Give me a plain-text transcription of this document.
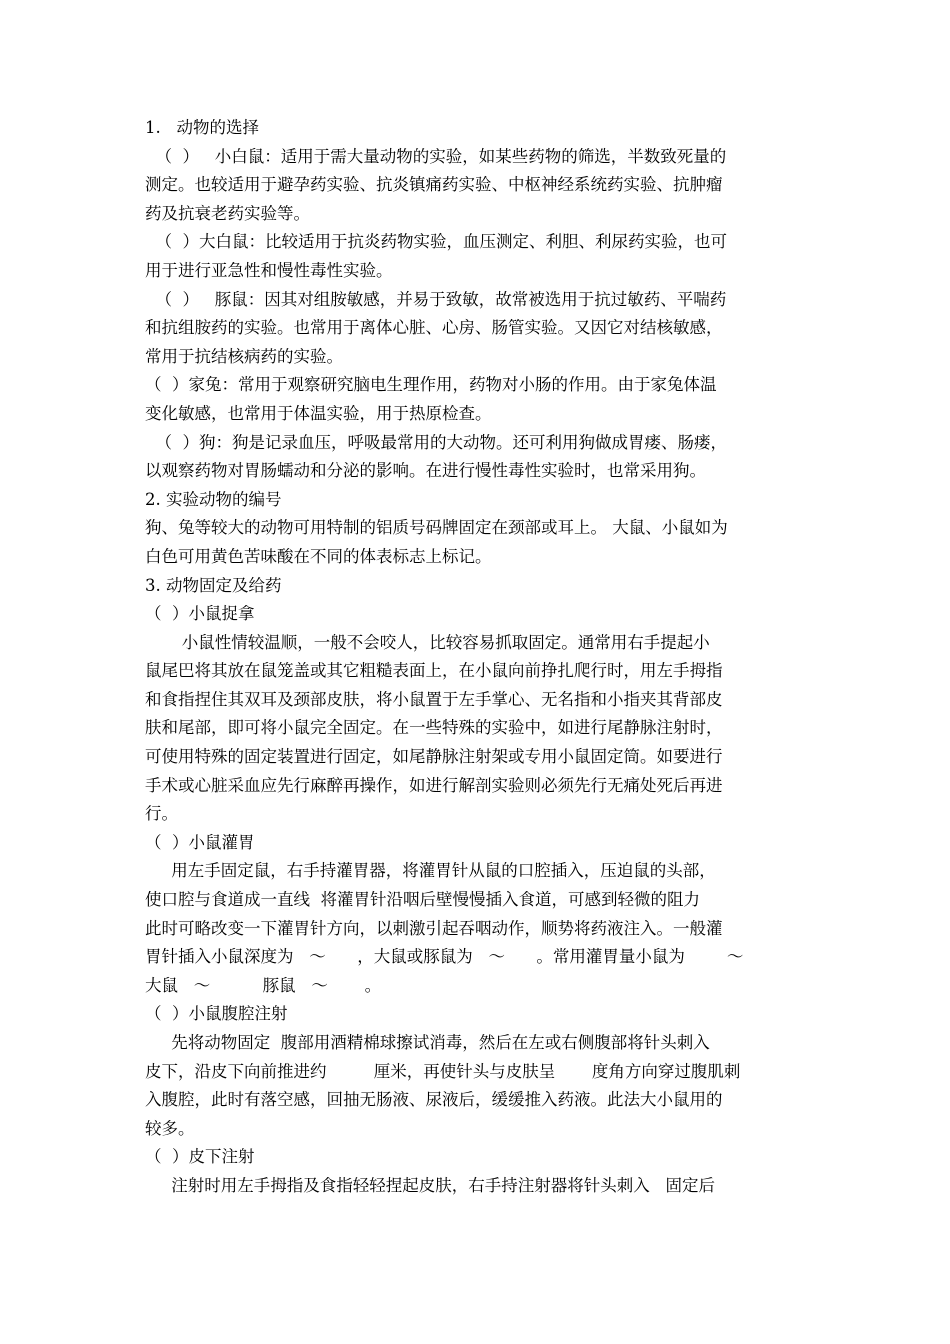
1.   动物的选择
（  ）   小白鼠：适用于需大量动物的实验，如某些药物的筛选，半数致死量的
测定。也较适用于避孕药实验、抗炎镇痛药实验、中枢神经系统药实验、抗肿瘤
药及抗衰老药实验等。
（  ）大白鼠：比较适用于抗炎药物实验，血压测定、利胆、利尿药实验，也可
用于进行亚急性和慢性毒性实验。
（  ）   豚鼠：因其对组胺敏感，并易于致敏，故常被选用于抗过敏药、平喘药
和抗组胺药的实验。也常用于离体心脏、心房、肠管实验。又因它对结核敏感，
常用于抗结核病药的实验。
（  ）家兔：常用于观察研究脑电生理作用，药物对小肠的作用。由于家兔体温
变化敏感，也常用于体温实验，用于热原检查。
（  ）狗：狗是记录血压，呼吸最常用的大动物。还可利用狗做成胃瘘、肠瘘，
以观察药物对胃肠蠕动和分泌的影响。在进行慢性毒性实验时，也常采用狗。
2. 实验动物的编号
狗、兔等较大的动物可用特制的铝质号码牌固定在颈部或耳上。 大鼠、小鼠如为
白色可用黄色苦味酸在不同的体表标志上标记。
3. 动物固定及给药
（  ）小鼠捉拿
小鼠性情较温顺，一般不会咬人，比较容易抓取固定。通常用右手提起小
鼠尾巴将其放在鼠笼盖或其它粗糙表面上，在小鼠向前挣扎爬行时，用左手拇指
和食指捏住其双耳及颈部皮肤，将小鼠置于左手掌心、无名指和小指夹其背部皮
肤和尾部，即可将小鼠完全固定。在一些特殊的实验中，如进行尾静脉注射时，
可使用特殊的固定装置进行固定，如尾静脉注射架或专用小鼠固定筒。如要进行
手术或心脏采血应先行麻醉再操作，如进行解剖实验则必须先行无痛处死后再进
行。
（  ）小鼠灌胃
用左手固定鼠，右手持灌胃器，将灌胃针从鼠的口腔插入，压迫鼠的头部，
使口腔与食道成一直线  将灌胃针沿咽后壁慢慢插入食道，可感到轻微的阻力
此时可略改变一下灌胃针方向，以刺激引起吞咽动作，顺势将药液注入。一般灌
胃针插入小鼠深度为   ～      ，大鼠或豚鼠为   ～      。常用灌胃量小鼠为        ～
大鼠   ～          豚鼠   ～       。
（  ）小鼠腹腔注射
先将动物固定  腹部用酒精棉球擦试消毒，然后在左或右侧腹部将针头刺入
皮下，沿皮下向前推进约         厘米，再使针头与皮肤呈       度角方向穿过腹肌刺
入腹腔，此时有落空感，回抽无肠液、尿液后，缓缓推入药液。此法大小鼠用的
较多。
（  ）皮下注射
注射时用左手拇指及食指轻轻捏起皮肤，右手持注射器将针头刺入   固定后
